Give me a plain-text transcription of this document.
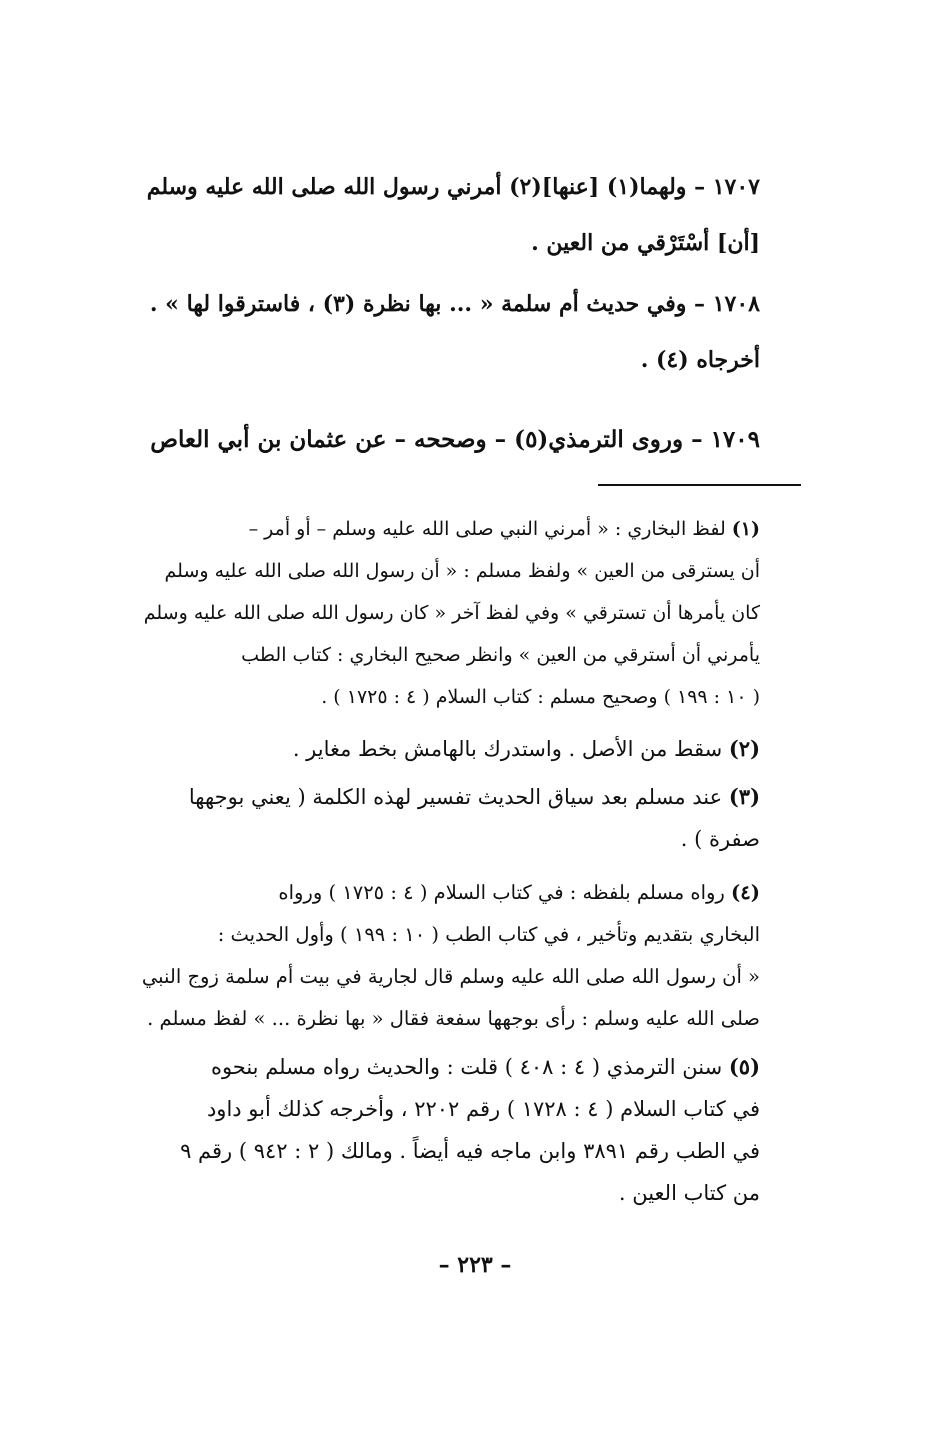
١٧٠٧ – ولهما(١) [عنها](٢) أمرني رسول الله صلى الله عليه وسلم
[أن] أسْتَرْقي من العين .
١٧٠٨ – وفي حديث أم سلمة « ... بها نظرة (٣) ، فاسترقوا لها » .
أخرجاه (٤) .
١٧٠٩ – وروى الترمذي(٥) – وصححه – عن عثمان بن أبي العاص
(١) لفظ البخاري : « أمرني النبي صلى الله عليه وسلم – أو أمر –
أن يسترقى من العين » ولفظ مسلم : « أن رسول الله صلى الله عليه وسلم
كان يأمرها أن تسترقي » وفي لفظ آخر « كان رسول الله صلى الله عليه وسلم
يأمرني أن أسترقي من العين » وانظر صحيح البخاري : كتاب الطب
( ١٠ : ١٩٩ ) وصحيح مسلم : كتاب السلام ( ٤ : ١٧٢٥ ) .
(٢) سقط من الأصل . واستدرك بالهامش بخط مغاير .
(٣) عند مسلم بعد سياق الحديث تفسير لهذه الكلمة ( يعني بوجهها
صفرة ) .
(٤) رواه مسلم بلفظه : في كتاب السلام ( ٤ : ١٧٢٥ ) ورواه
البخاري بتقديم وتأخير ، في كتاب الطب ( ١٠ : ١٩٩ ) وأول الحديث :
« أن رسول الله صلى الله عليه وسلم قال لجارية في بيت أم سلمة زوج النبي
صلى الله عليه وسلم : رأى بوجهها سفعة فقال « بها نظرة ... » لفظ مسلم .
(٥) سنن الترمذي ( ٤ : ٤٠٨ ) قلت : والحديث رواه مسلم بنحوه
في كتاب السلام ( ٤ : ١٧٢٨ ) رقم ٢٢٠٢ ، وأخرجه كذلك أبو داود
في الطب رقم ٣٨٩١ وابن ماجه فيه أيضاً . ومالك ( ٢ : ٩٤٢ ) رقم ٩
من كتاب العين .
– ٢٢٣ –
